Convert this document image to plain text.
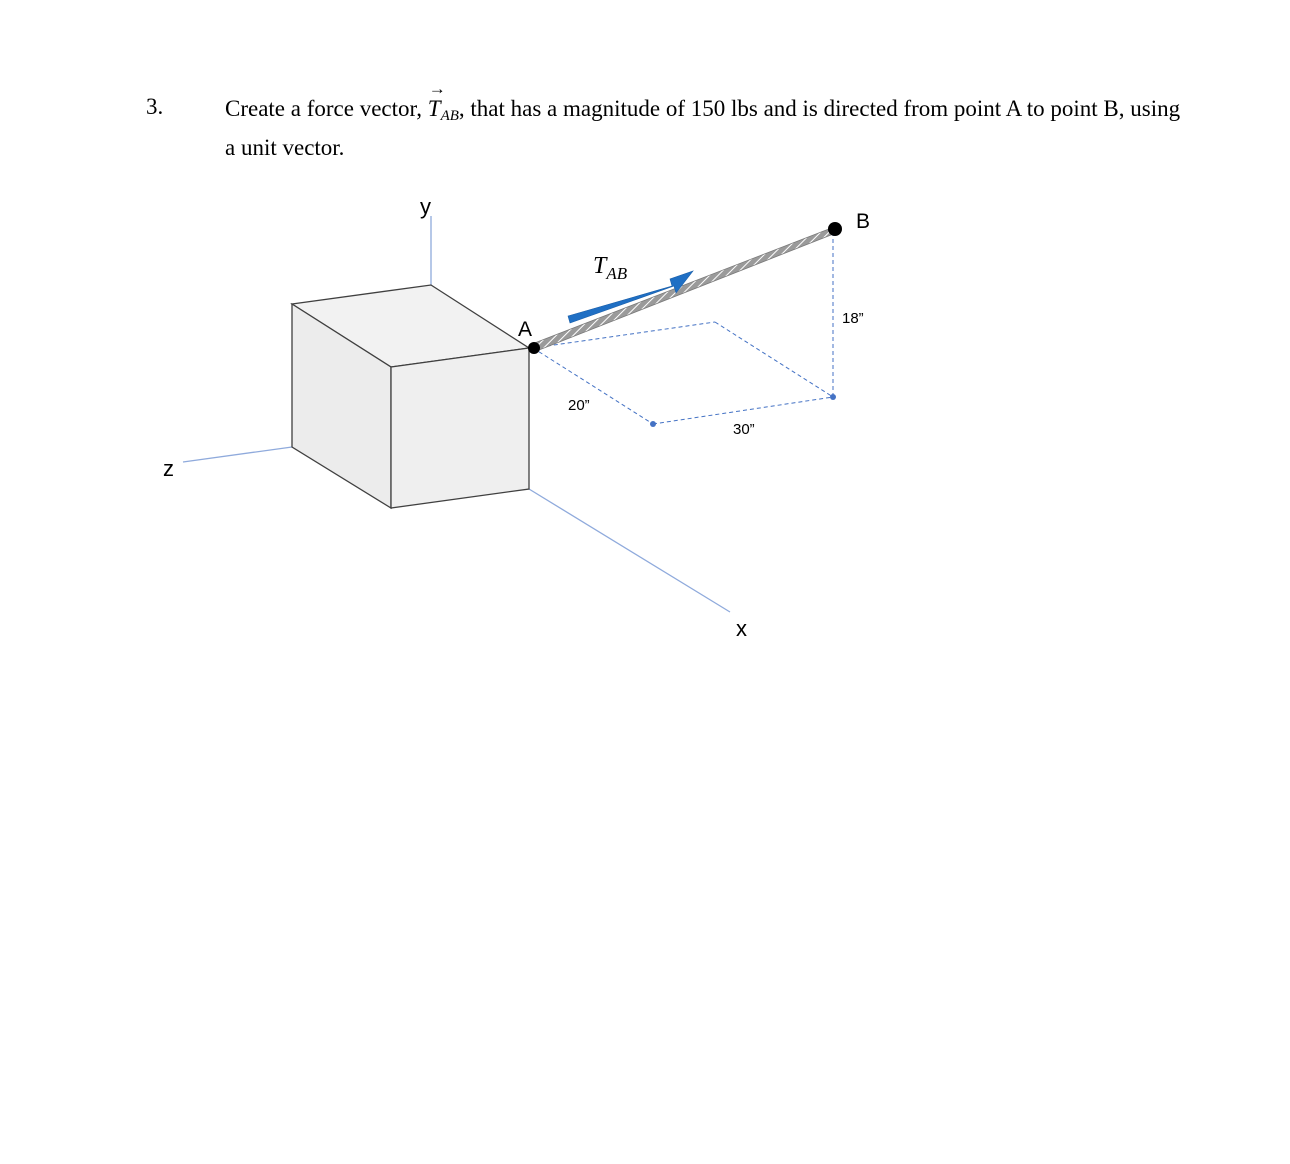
3.	Create a force vector,
→
$T_{AB}$, that has a magnitude of 150 lbs and is directed from point A to point B, using a unit vector.
y
z
x
A
B
$T_{AB}$
20”
30”
18”
